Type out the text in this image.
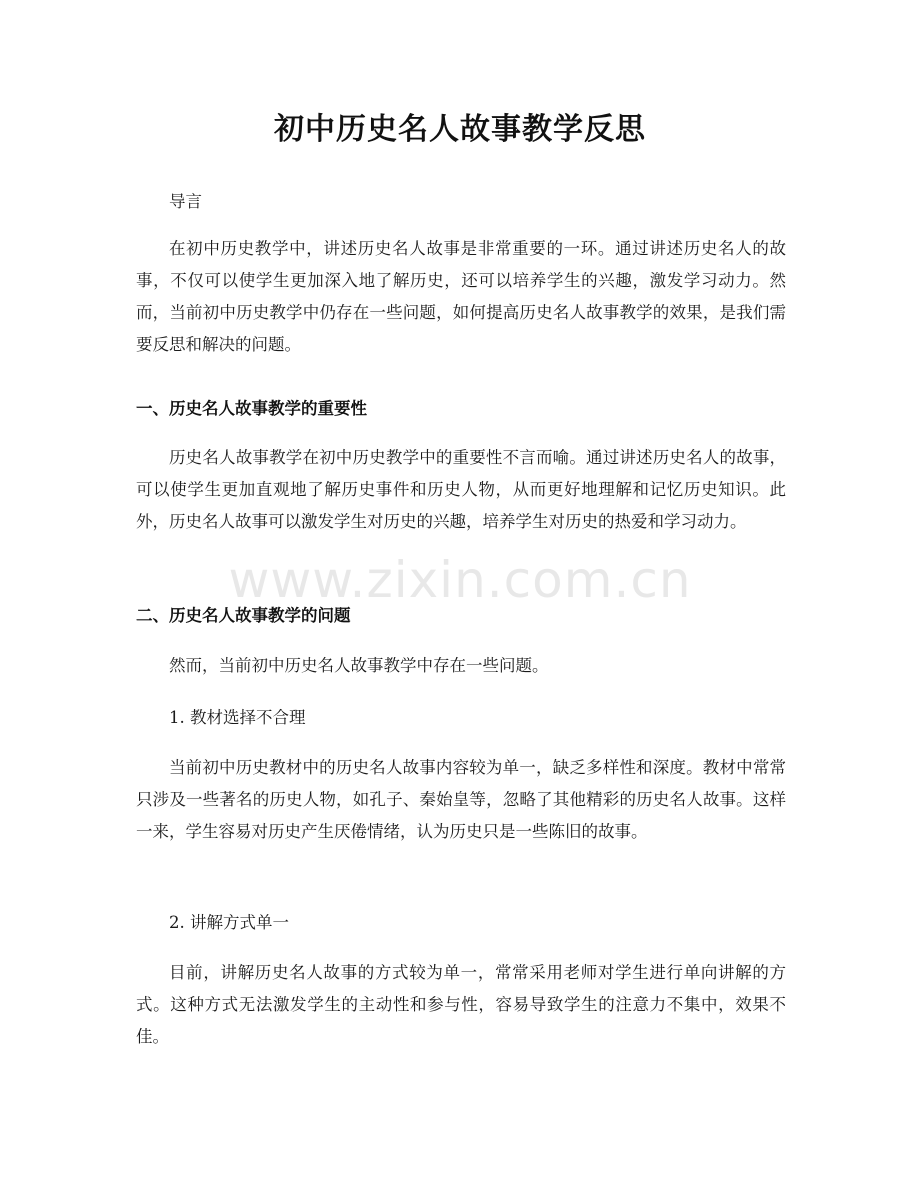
初中历史名人故事教学反思
导言
在初中历史教学中，讲述历史名人故事是非常重要的一环。通过讲述历史名人的故事，不仅可以使学生更加深入地了解历史，还可以培养学生的兴趣，激发学习动力。然而，当前初中历史教学中仍存在一些问题，如何提高历史名人故事教学的效果，是我们需要反思和解决的问题。
一、历史名人故事教学的重要性
历史名人故事教学在初中历史教学中的重要性不言而喻。通过讲述历史名人的故事，可以使学生更加直观地了解历史事件和历史人物，从而更好地理解和记忆历史知识。此外，历史名人故事可以激发学生对历史的兴趣，培养学生对历史的热爱和学习动力。
二、历史名人故事教学的问题
然而，当前初中历史名人故事教学中存在一些问题。
1. 教材选择不合理
当前初中历史教材中的历史名人故事内容较为单一，缺乏多样性和深度。教材中常常只涉及一些著名的历史人物，如孔子、秦始皇等，忽略了其他精彩的历史名人故事。这样一来，学生容易对历史产生厌倦情绪，认为历史只是一些陈旧的故事。
2. 讲解方式单一
目前，讲解历史名人故事的方式较为单一，常常采用老师对学生进行单向讲解的方式。这种方式无法激发学生的主动性和参与性，容易导致学生的注意力不集中，效果不佳。
www.zixin.com.cn
